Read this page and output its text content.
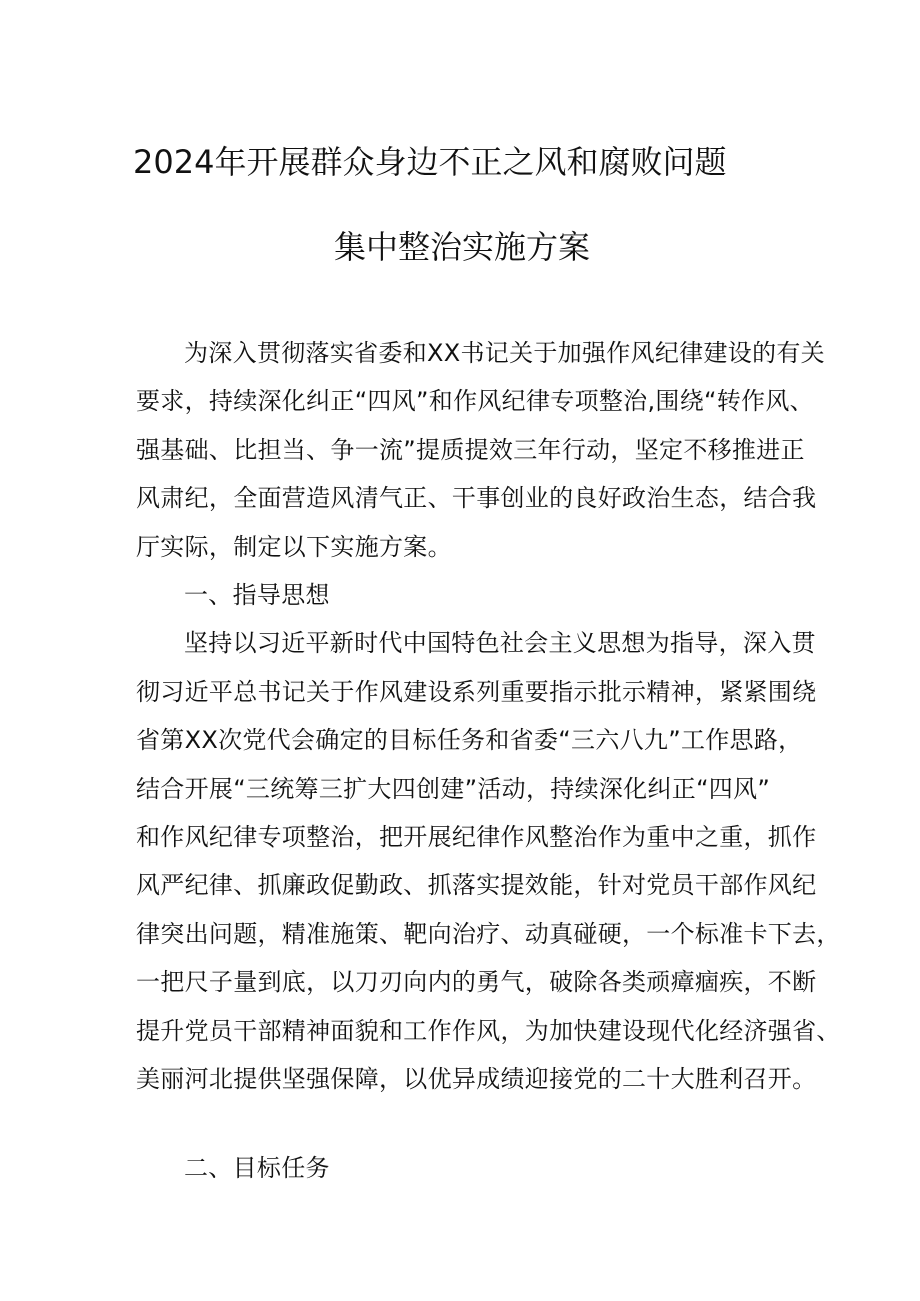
2024年开展群众身边不正之风和腐败问题
集中整治实施方案
为深入贯彻落实省委和XX书记关于加强作风纪律建设的有关
要求，持续深化纠正“四风”和作风纪律专项整治,围绕“转作风、
强基础、比担当、争一流”提质提效三年行动，坚定不移推进正
风肃纪，全面营造风清气正、干事创业的良好政治生态，结合我
厅实际，制定以下实施方案。
一、指导思想
坚持以习近平新时代中国特色社会主义思想为指导，深入贯
彻习近平总书记关于作风建设系列重要指示批示精神，紧紧围绕
省第XX次党代会确定的目标任务和省委“三六八九”工作思路，
结合开展“三统筹三扩大四创建”活动，持续深化纠正“四风”
和作风纪律专项整治，把开展纪律作风整治作为重中之重，抓作
风严纪律、抓廉政促勤政、抓落实提效能，针对党员干部作风纪
律突出问题，精准施策、靶向治疗、动真碰硬，一个标准卡下去，
一把尺子量到底，以刀刃向内的勇气，破除各类顽瘴痼疾，不断
提升党员干部精神面貌和工作作风，为加快建设现代化经济强省、
美丽河北提供坚强保障，以优异成绩迎接党的二十大胜利召开。
二、目标任务
